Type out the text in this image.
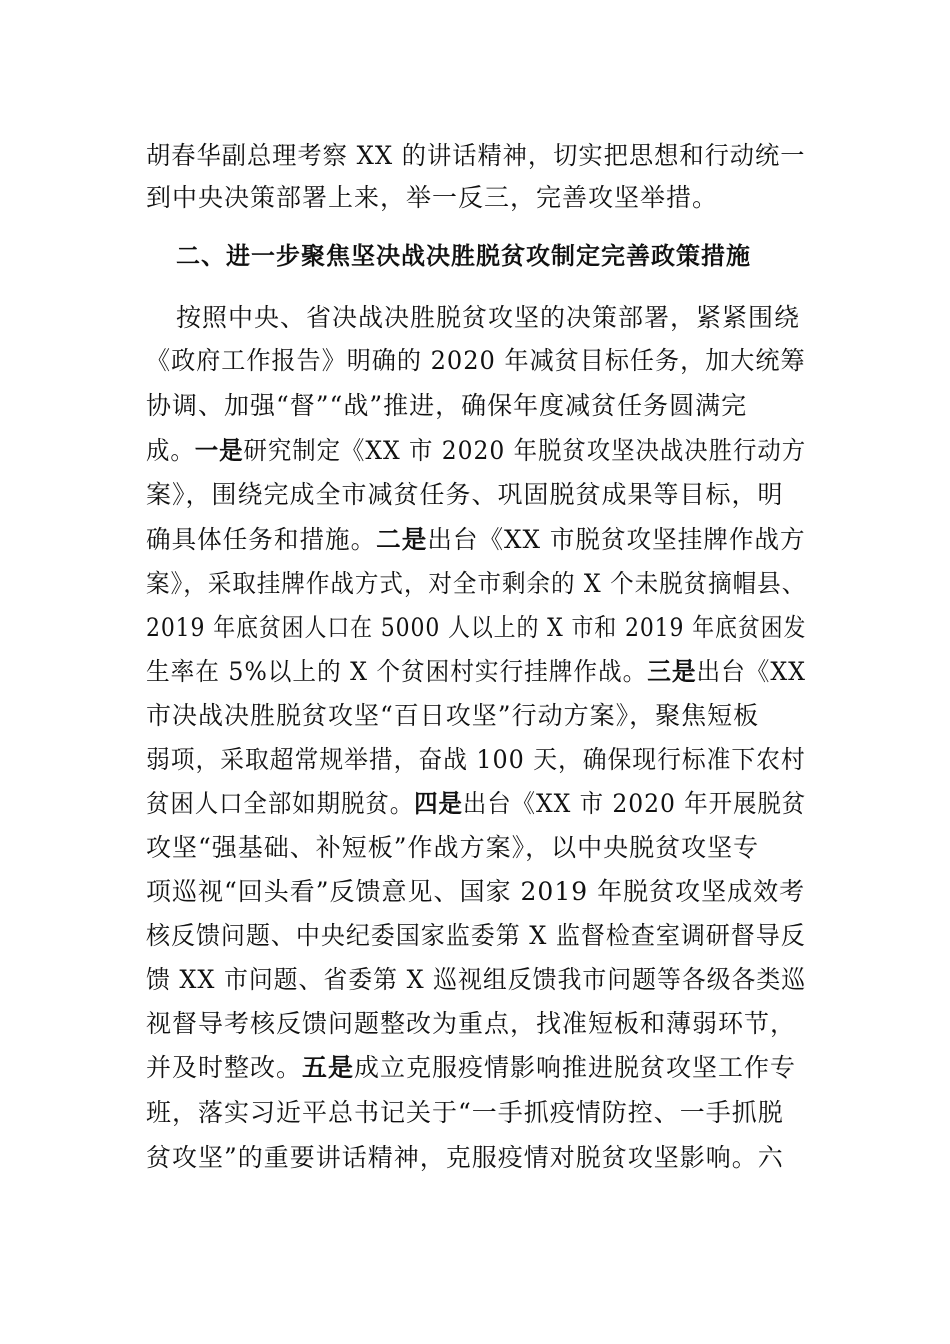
胡春华副总理考察 XX 的讲话精神，切实把思想和行动统一
到中央决策部署上来，举一反三，完善攻坚举措。
二、进一步聚焦坚决战决胜脱贫攻制定完善政策措施
按照中央、省决战决胜脱贫攻坚的决策部署，紧紧围绕
《政府工作报告》明确的 2020 年减贫目标任务，加大统筹
协调、加强“督”“战”推进，确保年度减贫任务圆满完
成。一是研究制定《XX 市 2020 年脱贫攻坚决战决胜行动方
案》，围绕完成全市减贫任务、巩固脱贫成果等目标，明
确具体任务和措施。二是出台《XX 市脱贫攻坚挂牌作战方
案》，采取挂牌作战方式，对全市剩余的 X 个未脱贫摘帽县、
2019 年底贫困人口在 5000 人以上的 X 市和 2019 年底贫困发
生率在 5%以上的 X 个贫困村实行挂牌作战。三是出台《XX
市决战决胜脱贫攻坚“百日攻坚”行动方案》，聚焦短板
弱项，采取超常规举措，奋战 100 天，确保现行标准下农村
贫困人口全部如期脱贫。四是出台《XX 市 2020 年开展脱贫
攻坚“强基础、补短板”作战方案》，以中央脱贫攻坚专
项巡视“回头看”反馈意见、国家 2019 年脱贫攻坚成效考
核反馈问题、中央纪委国家监委第 X 监督检查室调研督导反
馈 XX 市问题、省委第 X 巡视组反馈我市问题等各级各类巡
视督导考核反馈问题整改为重点，找准短板和薄弱环节，
并及时整改。五是成立克服疫情影响推进脱贫攻坚工作专
班，落实习近平总书记关于“一手抓疫情防控、一手抓脱
贫攻坚”的重要讲话精神，克服疫情对脱贫攻坚影响。六
